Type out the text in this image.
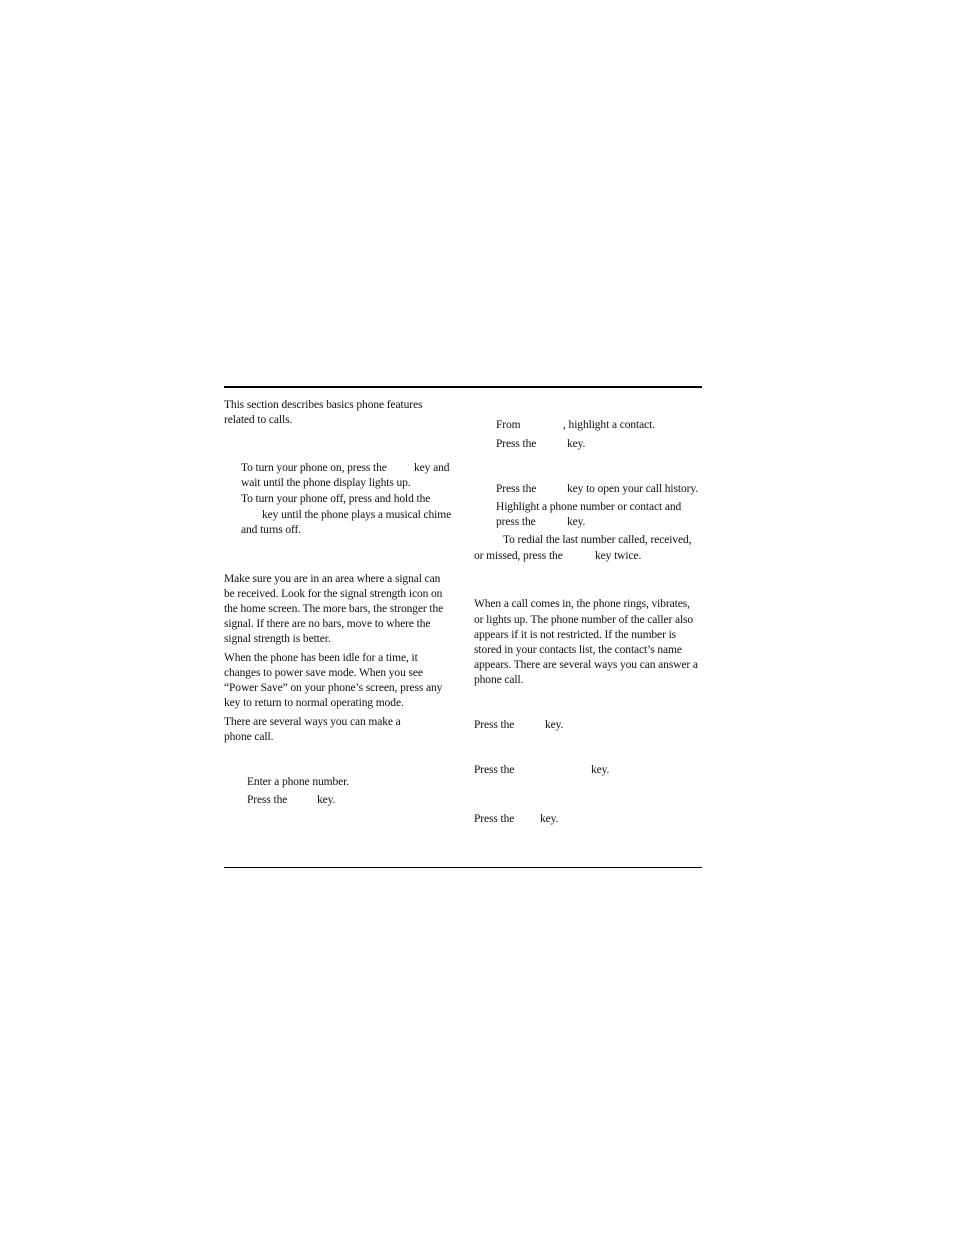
This section describes basics phone features
related to calls.
To turn your phone on, press the key and
wait until the phone display lights up.
To turn your phone off, press and hold the
key until the phone plays a musical chime
and turns off.
Make sure you are in an area where a signal can
be received. Look for the signal strength icon on
the home screen. The more bars, the stronger the
signal. If there are no bars, move to where the
signal strength is better.
When the phone has been idle for a time, it
changes to power save mode. When you see
“Power Save” on your phone’s screen, press any
key to return to normal operating mode.
There are several ways you can make a
phone call.
Enter a phone number.
Press the	key.
From	, highlight a contact.
Press the	key.
Press the	key to open your call history.
Highlight a phone number or contact and
press the	key.
To redial the last number called, received,
or missed, press the	key twice.
When a call comes in, the phone rings, vibrates,
or lights up. The phone number of the caller also
appears if it is not restricted. If the number is
stored in your contacts list, the contact’s name
appears. There are several ways you can answer a
phone call.
Press the	key.
Press the	key.
Press the key.
